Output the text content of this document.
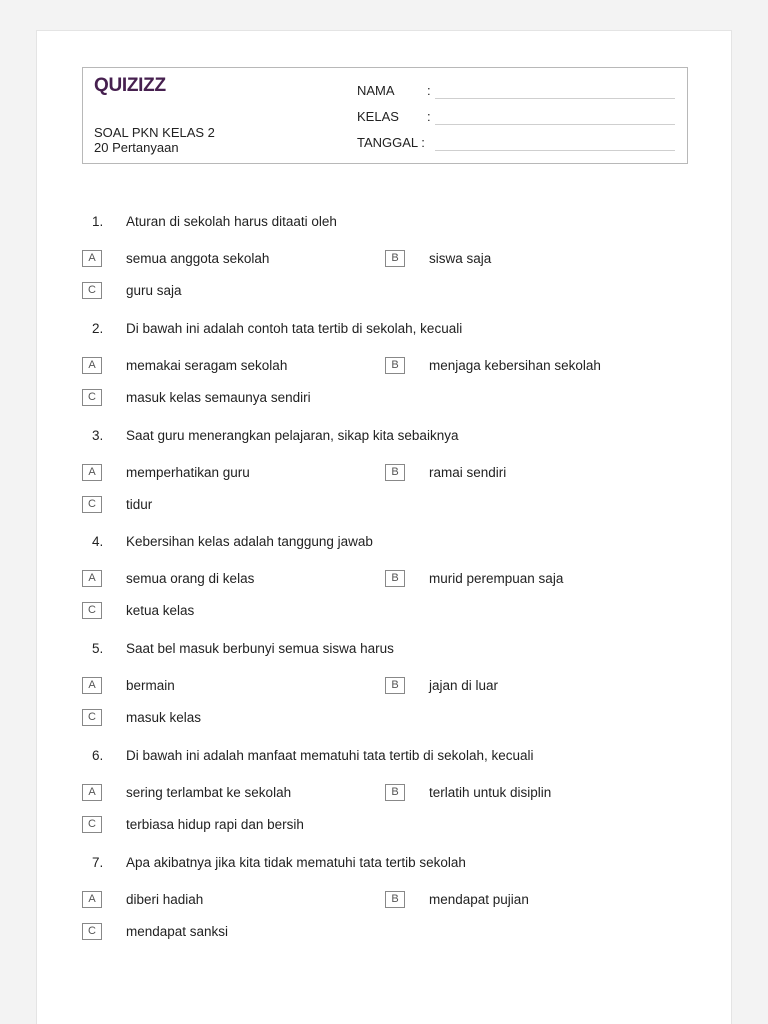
QUIZIZZ
SOAL PKN KELAS 2
20 Pertanyaan
NAMA :
KELAS :
TANGGAL :
1.	Aturan di sekolah harus ditaati oleh
A	semua anggota sekolah	B	siswa saja
C	guru saja
2.	Di bawah ini adalah contoh tata tertib di sekolah, kecuali
A	memakai seragam sekolah	B	menjaga kebersihan sekolah
C	masuk kelas semaunya sendiri
3.	Saat guru menerangkan pelajaran, sikap kita sebaiknya
A	memperhatikan guru	B	ramai sendiri
C	tidur
4.	Kebersihan kelas adalah tanggung jawab
A	semua orang di kelas	B	murid perempuan saja
C	ketua kelas
5.	Saat bel masuk berbunyi semua siswa harus
A	bermain	B	jajan di luar
C	masuk kelas
6.	Di bawah ini adalah manfaat mematuhi tata tertib di sekolah, kecuali
A	sering terlambat ke sekolah	B	terlatih untuk disiplin
C	terbiasa hidup rapi dan bersih
7.	Apa akibatnya jika kita tidak mematuhi tata tertib sekolah
A	diberi hadiah	B	mendapat pujian
C	mendapat sanksi
